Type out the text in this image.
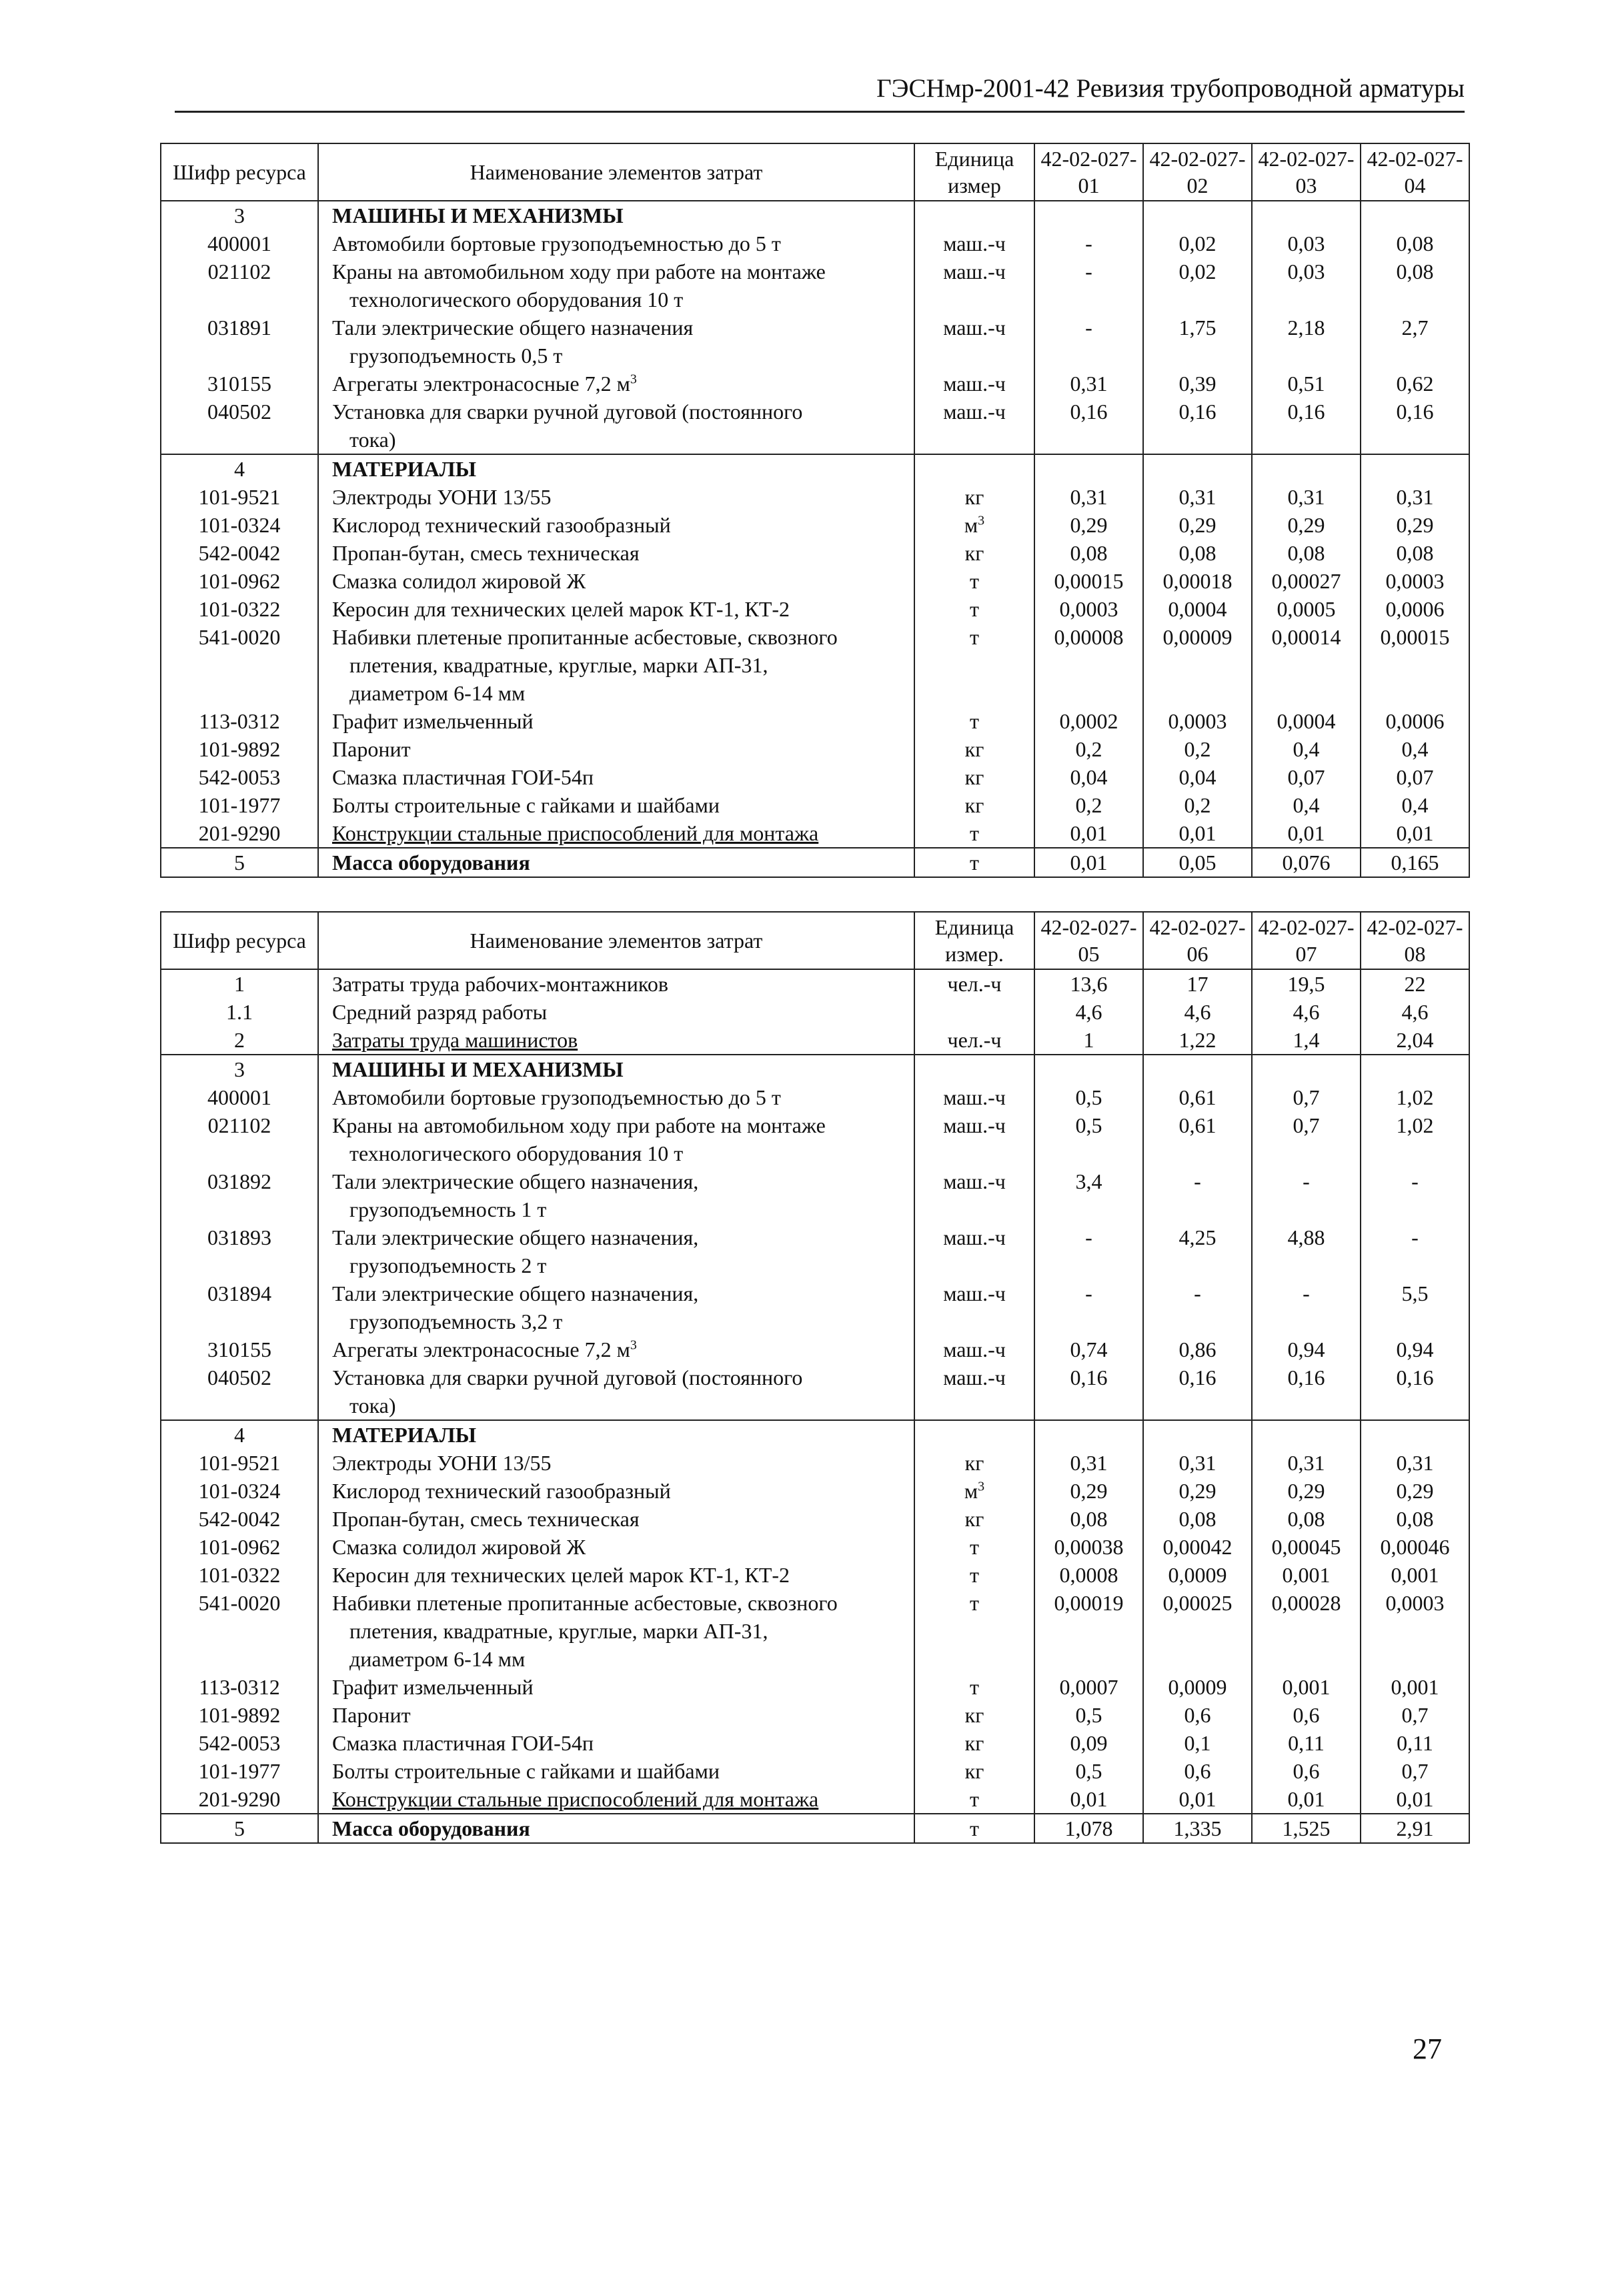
ГЭСНмр-2001-42 Ревизия трубопроводной арматуры
Шифр ресурса	Наименование элементов затрат	Единица измер	42-02-027-01	42-02-027-02	42-02-027-03	42-02-027-04
3	МАШИНЫ И МЕХАНИЗМЫ					
400001	Автомобили бортовые грузоподъемностью до 5 т	маш.-ч	-	0,02	0,03	0,08
021102	Краны на автомобильном ходу при работе на монтаже
технологического оборудования 10 т	маш.-ч	-	0,02	0,03	0,08
031891	Тали электрические общего назначения
грузоподъемность 0,5 т	маш.-ч	-	1,75	2,18	2,7
310155	Агрегаты электронасосные 7,2 $м^3$	маш.-ч	0,31	0,39	0,51	0,62
040502	Установка для сварки ручной дуговой (постоянного
тока)	маш.-ч	0,16	0,16	0,16	0,16
4	МАТЕРИАЛЫ					
101-9521	Электроды УОНИ 13/55	кг	0,31	0,31	0,31	0,31
101-0324	Кислород технический газообразный	$м^3$	0,29	0,29	0,29	0,29
542-0042	Пропан-бутан, смесь техническая	кг	0,08	0,08	0,08	0,08
101-0962	Смазка солидол жировой Ж	т	0,00015	0,00018	0,00027	0,0003
101-0322	Керосин для технических целей марок КТ-1, КТ-2	т	0,0003	0,0004	0,0005	0,0006
541-0020	Набивки плетеные пропитанные асбестовые, сквозного
плетения, квадратные, круглые, марки АП-31,
диаметром 6-14 мм	т	0,00008	0,00009	0,00014	0,00015
113-0312	Графит измельченный	т	0,0002	0,0003	0,0004	0,0006
101-9892	Паронит	кг	0,2	0,2	0,4	0,4
542-0053	Смазка пластичная ГОИ-54п	кг	0,04	0,04	0,07	0,07
101-1977	Болты строительные с гайками и шайбами	кг	0,2	0,2	0,4	0,4
201-9290	Конструкции стальные приспособлений для монтажа	т	0,01	0,01	0,01	0,01
5	Масса оборудования	т	0,01	0,05	0,076	0,165
Шифр ресурса	Наименование элементов затрат	Единица измер.	42-02-027-05	42-02-027-06	42-02-027-07	42-02-027-08
1	Затраты труда рабочих-монтажников	чел.-ч	13,6	17	19,5	22
1.1	Средний разряд работы		4,6	4,6	4,6	4,6
2	Затраты труда машинистов	чел.-ч	1	1,22	1,4	2,04
3	МАШИНЫ И МЕХАНИЗМЫ					
400001	Автомобили бортовые грузоподъемностью до 5 т	маш.-ч	0,5	0,61	0,7	1,02
021102	Краны на автомобильном ходу при работе на монтаже
технологического оборудования 10 т	маш.-ч	0,5	0,61	0,7	1,02
031892	Тали электрические общего назначения,
грузоподъемность 1 т	маш.-ч	3,4	-	-	-
031893	Тали электрические общего назначения,
грузоподъемность 2 т	маш.-ч	-	4,25	4,88	-
031894	Тали электрические общего назначения,
грузоподъемность 3,2 т	маш.-ч	-	-	-	5,5
310155	Агрегаты электронасосные 7,2 $м^3$	маш.-ч	0,74	0,86	0,94	0,94
040502	Установка для сварки ручной дуговой (постоянного
тока)	маш.-ч	0,16	0,16	0,16	0,16
4	МАТЕРИАЛЫ					
101-9521	Электроды УОНИ 13/55	кг	0,31	0,31	0,31	0,31
101-0324	Кислород технический газообразный	$м^3$	0,29	0,29	0,29	0,29
542-0042	Пропан-бутан, смесь техническая	кг	0,08	0,08	0,08	0,08
101-0962	Смазка солидол жировой Ж	т	0,00038	0,00042	0,00045	0,00046
101-0322	Керосин для технических целей марок КТ-1, КТ-2	т	0,0008	0,0009	0,001	0,001
541-0020	Набивки плетеные пропитанные асбестовые, сквозного
плетения, квадратные, круглые, марки АП-31,
диаметром 6-14 мм	т	0,00019	0,00025	0,00028	0,0003
113-0312	Графит измельченный	т	0,0007	0,0009	0,001	0,001
101-9892	Паронит	кг	0,5	0,6	0,6	0,7
542-0053	Смазка пластичная ГОИ-54п	кг	0,09	0,1	0,11	0,11
101-1977	Болты строительные с гайками и шайбами	кг	0,5	0,6	0,6	0,7
201-9290	Конструкции стальные приспособлений для монтажа	т	0,01	0,01	0,01	0,01
5	Масса оборудования	т	1,078	1,335	1,525	2,91
27
